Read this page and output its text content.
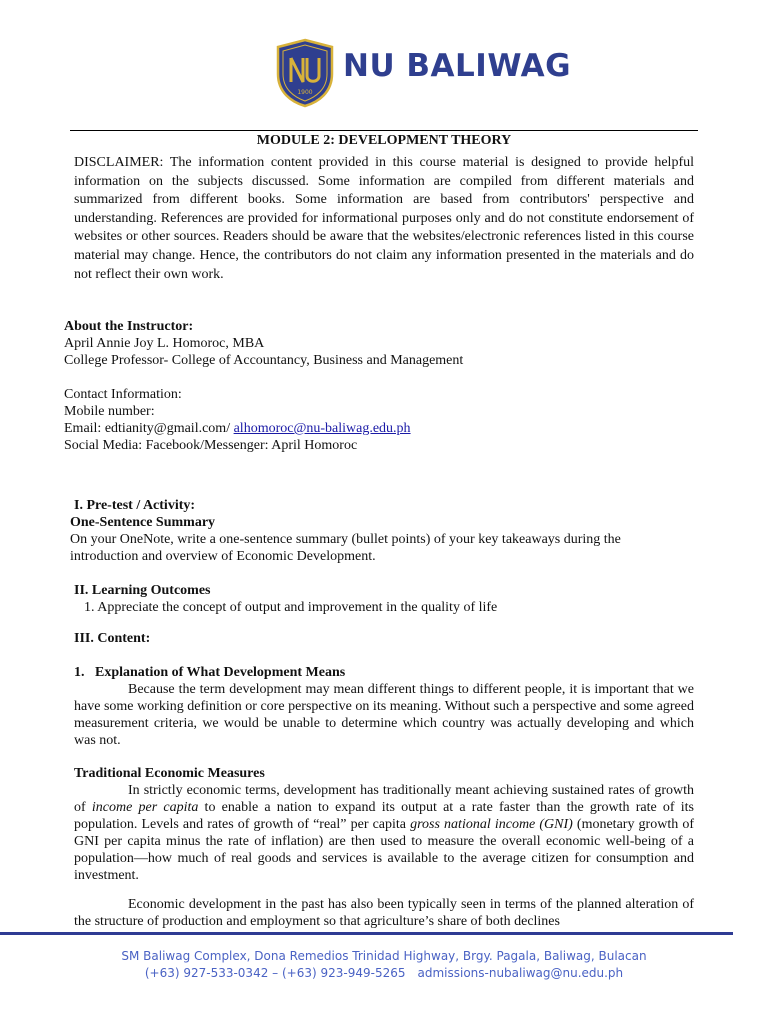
1900
NU BALIWAG
MODULE 2: DEVELOPMENT THEORY

DISCLAIMER: The information content provided in this course material is designed to provide helpful information on the subjects discussed. Some information are compiled from different materials and summarized from different books. Some information are based from contributors' perspective and understanding. References are provided for informational purposes only and do not constitute endorsement of websites or other sources. Readers should be aware that the websites/electronic references listed in this course material may change. Hence, the contributors do not claim any information presented in the materials and do not reflect their own work.

About the Instructor:

April Annie Joy L. Homoroc, MBA

College Professor- College of Accountancy, Business and Management

Contact Information:

Mobile number:

Email: edtianity@gmail.com/ alhomoroc@nu-baliwag.edu.ph

Social Media: Facebook/Messenger: April Homoroc

I. Pre-test / Activity:

One-Sentence Summary

On your OneNote, write a one-sentence summary (bullet points) of your key takeaways during the

introduction and overview of Economic Development.

II. Learning Outcomes

1. Appreciate the concept of output and improvement in the quality of life

III. Content:

1.   Explanation of What Development Means

Because the term development may mean different things to different people, it is important that we have some working definition or core perspective on its meaning. Without such a perspective and some agreed measurement criteria, we would be unable to determine which country was actually developing and which was not.

Traditional Economic Measures

In strictly economic terms, development has traditionally meant achieving sustained rates of growth of income per capita to enable a nation to expand its output at a rate faster than the growth rate of its population. Levels and rates of growth of “real” per capita gross national income (GNI) (monetary growth of GNI per capita minus the rate of inflation) are then used to measure the overall economic well-being of a population—how much of real goods and services is available to the average citizen for consumption and investment.

Economic development in the past has also been typically seen in terms of the planned alteration of the structure of production and employment so that agriculture’s share of both declines

SM Baliwag Complex, Dona Remedios Trinidad Highway, Brgy. Pagala, Baliwag, Bulacan
(+63) 927-533-0342 – (+63) 923-949-5265 admissions-nubaliwag@nu.edu.ph
